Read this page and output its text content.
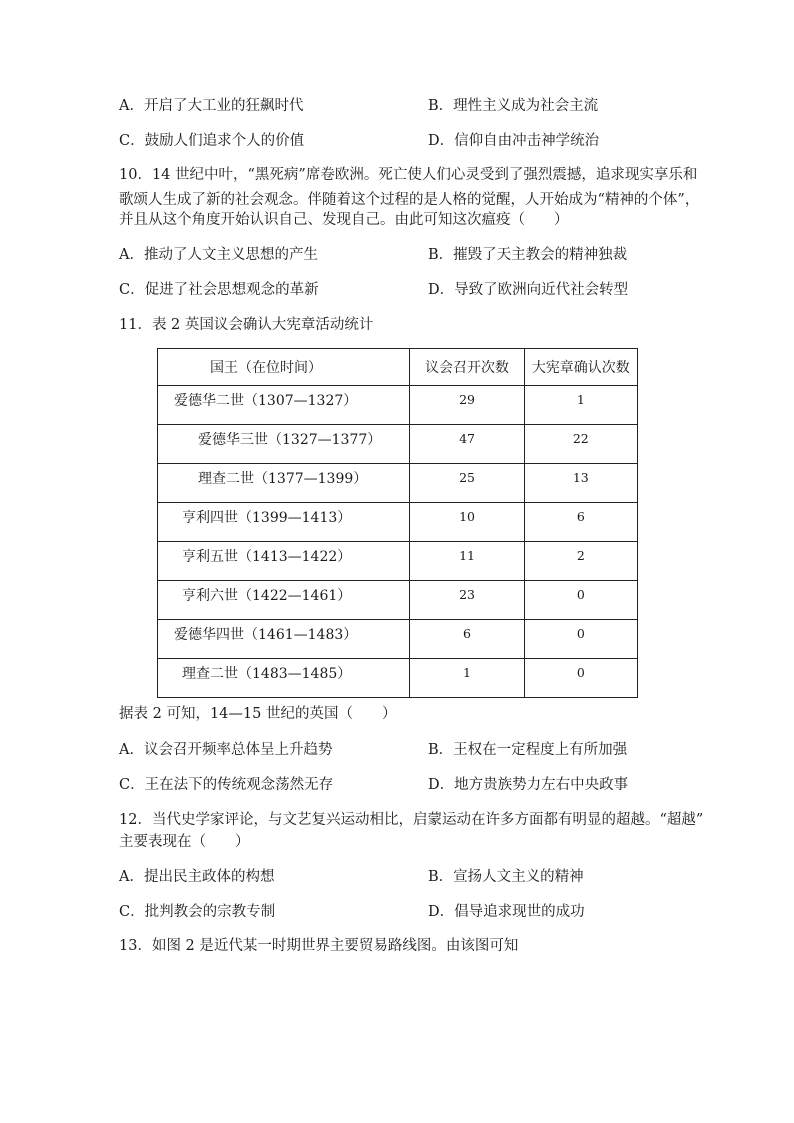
A．开启了大工业的狂飙时代	B．理性主义成为社会主流
C．鼓励人们追求个人的价值	D．信仰自由冲击神学统治
10．14 世纪中叶，“黑死病”席卷欧洲。死亡使人们心灵受到了强烈震撼，追求现实享乐和
歌颂人生成了新的社会观念。伴随着这个过程的是人格的觉醒，人开始成为“精神的个体”，
并且从这个角度开始认识自己、发现自己。由此可知这次瘟疫（　　）
A．推动了人文主义思想的产生	B．摧毁了天主教会的精神独裁
C．促进了社会思想观念的革新	D．导致了欧洲向近代社会转型
11．表 2 英国议会确认大宪章活动统计
国王（在位时间）	议会召开次数	大宪章确认次数

爱德华二世（1307—1327）	29	1

爱德华三世（1327—1377）	47	22

理查二世（1377—1399）	25	13

亨利四世（1399—1413）	10	6

亨利五世（1413—1422）	11	2

亨利六世（1422—1461）	23	0

爱德华四世（1461—1483）	6	0

理查二世（1483—1485）	1	0
据表 2 可知，14—15 世纪的英国（　　）
A．议会召开频率总体呈上升趋势	B．王权在一定程度上有所加强
C．王在法下的传统观念荡然无存	D．地方贵族势力左右中央政事
12．当代史学家评论，与文艺复兴运动相比，启蒙运动在许多方面都有明显的超越。“超越”
主要表现在（　　）
A．提出民主政体的构想	B．宣扬人文主义的精神
C．批判教会的宗教专制	D．倡导追求现世的成功
13．如图 2 是近代某一时期世界主要贸易路线图。由该图可知
